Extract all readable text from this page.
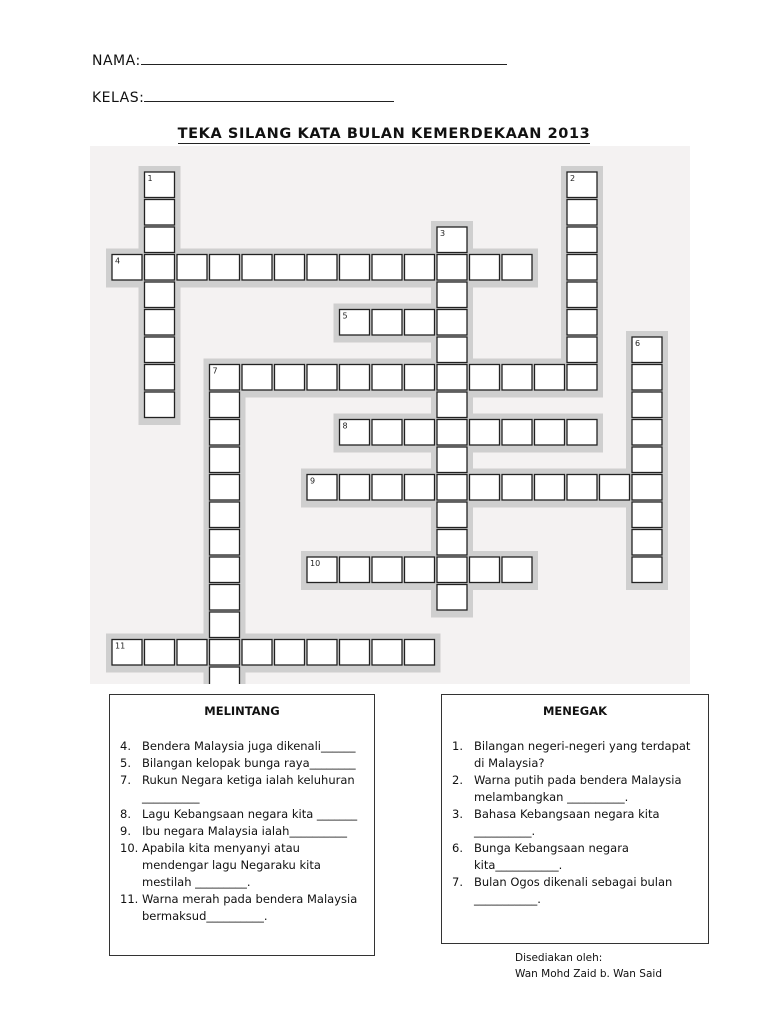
NAMA:
KELAS:
TEKA SILANG KATA BULAN KEMERDEKAAN 2013
1	2
3
4
5
6
7
8
9
10
11
MELINTANG
4. Bendera Malaysia juga dikenali______
5. Bilangan kelopak bunga raya________
7. Rukun Negara ketiga ialah keluhuran
__________
8. Lagu Kebangsaan negara kita _______
9. Ibu negara Malaysia ialah__________
10. Apabila kita menyanyi atau
mendengar lagu Negaraku kita
mestilah _________.
11. Warna merah pada bendera Malaysia
bermaksud__________.
MENEGAK
1. Bilangan negeri-negeri yang terdapat
di Malaysia?
2. Warna putih pada bendera Malaysia
melambangkan __________.
3. Bahasa Kebangsaan negara kita
__________.
6. Bunga Kebangsaan negara
kita___________.
7. Bulan Ogos dikenali sebagai bulan
___________.
Disediakan oleh:
Wan Mohd Zaid b. Wan Said
